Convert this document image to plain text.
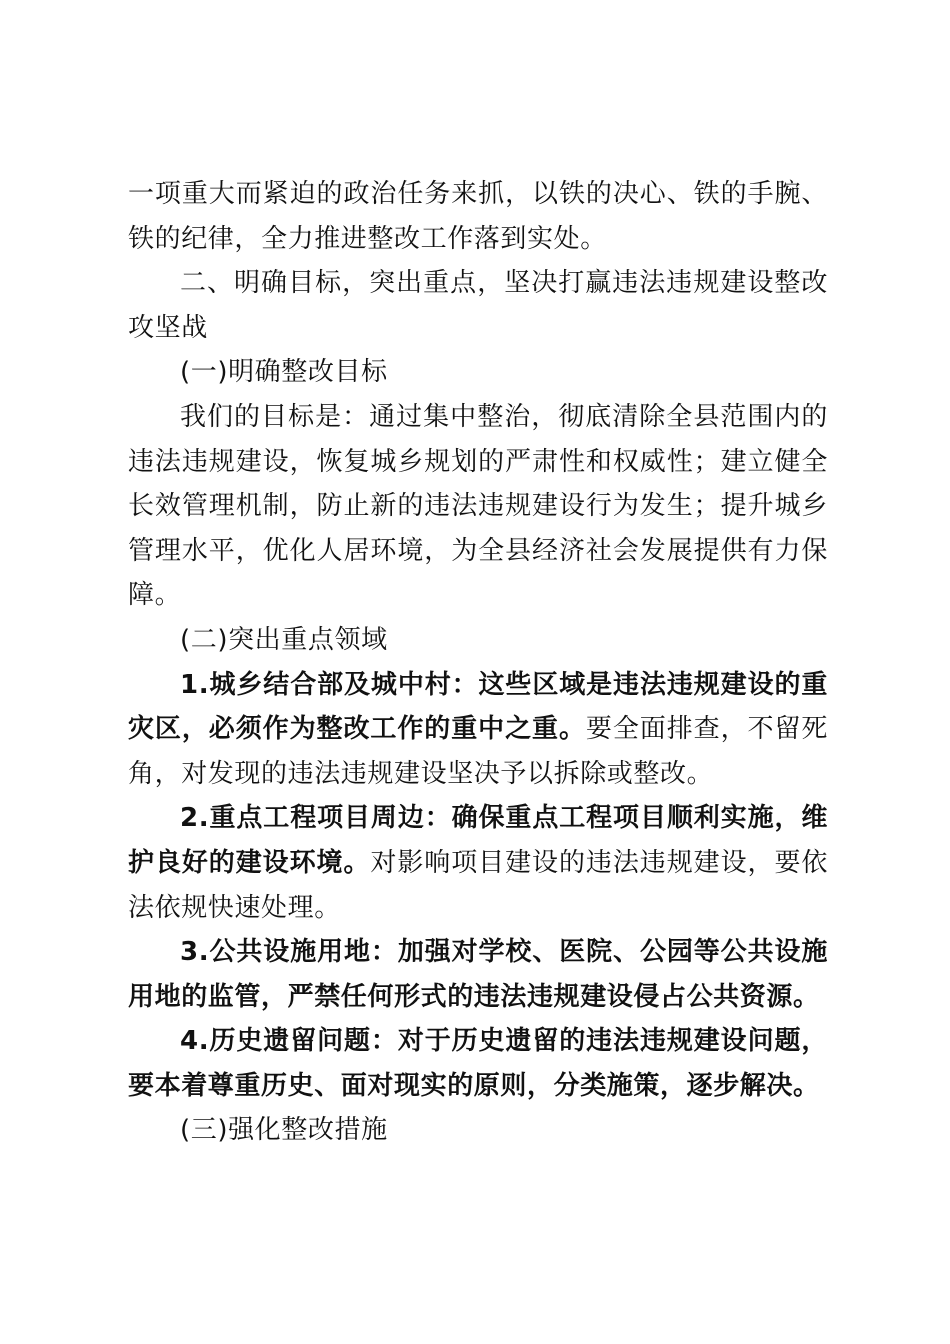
一项重大而紧迫的政治任务来抓，以铁的决心、铁的手腕、铁的纪律，全力推进整改工作落到实处。

二、明确目标，突出重点，坚决打赢违法违规建设整改攻坚战

(一)明确整改目标

我们的目标是：通过集中整治，彻底清除全县范围内的违法违规建设，恢复城乡规划的严肃性和权威性；建立健全长效管理机制，防止新的违法违规建设行为发生；提升城乡管理水平，优化人居环境，为全县经济社会发展提供有力保障。

(二)突出重点领域

1.城乡结合部及城中村：这些区域是违法违规建设的重灾区，必须作为整改工作的重中之重。要全面排查，不留死角，对发现的违法违规建设坚决予以拆除或整改。

2.重点工程项目周边：确保重点工程项目顺利实施，维护良好的建设环境。对影响项目建设的违法违规建设，要依法依规快速处理。

3.公共设施用地：加强对学校、医院、公园等公共设施用地的监管，严禁任何形式的违法违规建设侵占公共资源。

4.历史遗留问题：对于历史遗留的违法违规建设问题，要本着尊重历史、面对现实的原则，分类施策，逐步解决。

(三)强化整改措施
